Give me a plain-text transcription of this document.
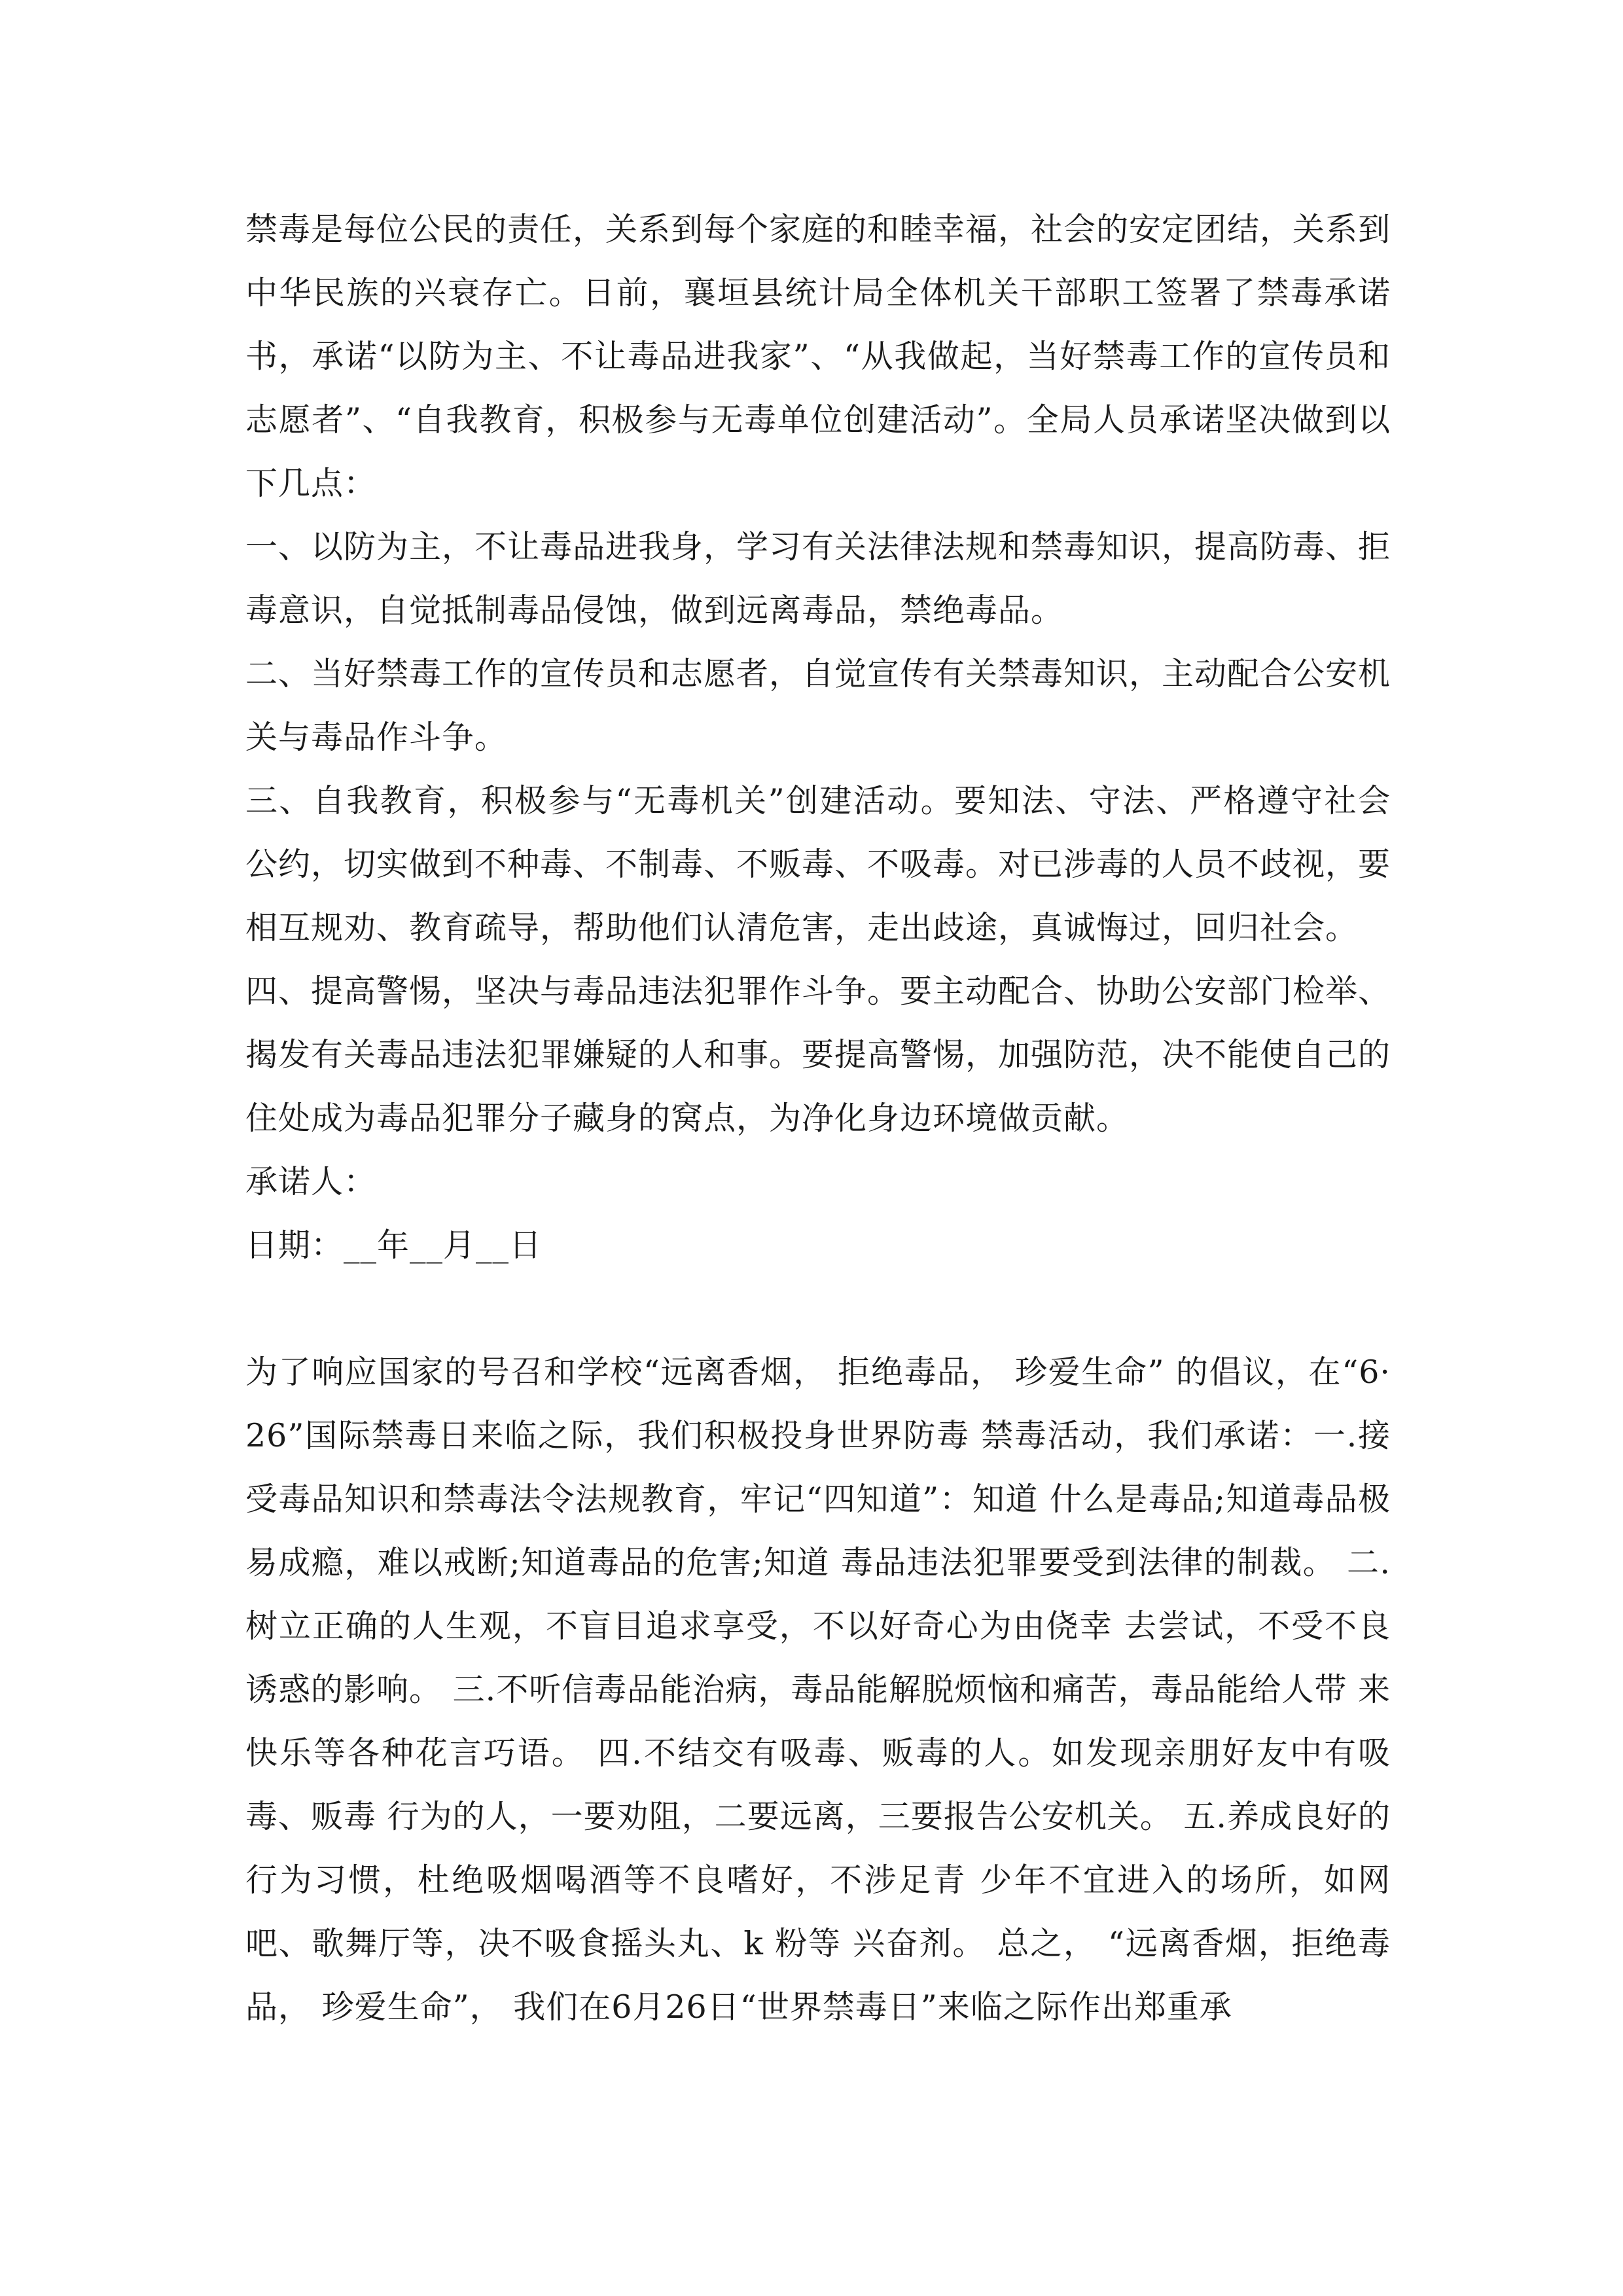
禁毒是每位公民的责任，关系到每个家庭的和睦幸福，社会的安定团结，关系到中华民族的兴衰存亡。日前，襄垣县统计局全体机关干部职工签署了禁毒承诺书，承诺“以防为主、不让毒品进我家”、“从我做起，当好禁毒工作的宣传员和志愿者”、“自我教育，积极参与无毒单位创建活动”。全局人员承诺坚决做到以下几点：

一、以防为主，不让毒品进我身，学习有关法律法规和禁毒知识，提高防毒、拒毒意识，自觉抵制毒品侵蚀，做到远离毒品，禁绝毒品。

二、当好禁毒工作的宣传员和志愿者，自觉宣传有关禁毒知识，主动配合公安机关与毒品作斗争。

三、自我教育，积极参与“无毒机关”创建活动。要知法、守法、严格遵守社会公约，切实做到不种毒、不制毒、不贩毒、不吸毒。对已涉毒的人员不歧视，要相互规劝、教育疏导，帮助他们认清危害，走出歧途，真诚悔过，回归社会。

四、提高警惕，坚决与毒品违法犯罪作斗争。要主动配合、协助公安部门检举、揭发有关毒品违法犯罪嫌疑的人和事。要提高警惕，加强防范，决不能使自己的住处成为毒品犯罪分子藏身的窝点，为净化身边环境做贡献。

承诺人：

日期：__年__月__日

为了响应国家的号召和学校“远离香烟， 拒绝毒品， 珍爱生命” 的倡议，在“6·26”国际禁毒日来临之际，我们积极投身世界防毒 禁毒活动，我们承诺：一.接受毒品知识和禁毒法令法规教育，牢记“四知道”：知道 什么是毒品;知道毒品极易成瘾，难以戒断;知道毒品的危害;知道 毒品违法犯罪要受到法律的制裁。 二.树立正确的人生观，不盲目追求享受，不以好奇心为由侥幸 去尝试，不受不良诱惑的影响。 三.不听信毒品能治病，毒品能解脱烦恼和痛苦，毒品能给人带 来快乐等各种花言巧语。 四.不结交有吸毒、贩毒的人。如发现亲朋好友中有吸毒、贩毒 行为的人，一要劝阻，二要远离，三要报告公安机关。 五.养成良好的行为习惯，杜绝吸烟喝酒等不良嗜好，不涉足青 少年不宜进入的场所，如网吧、歌舞厅等，决不吸食摇头丸、k 粉等 兴奋剂。 总之， “远离香烟，拒绝毒品， 珍爱生命”， 我们在6月26日“世界禁毒日”来临之际作出郑重承
